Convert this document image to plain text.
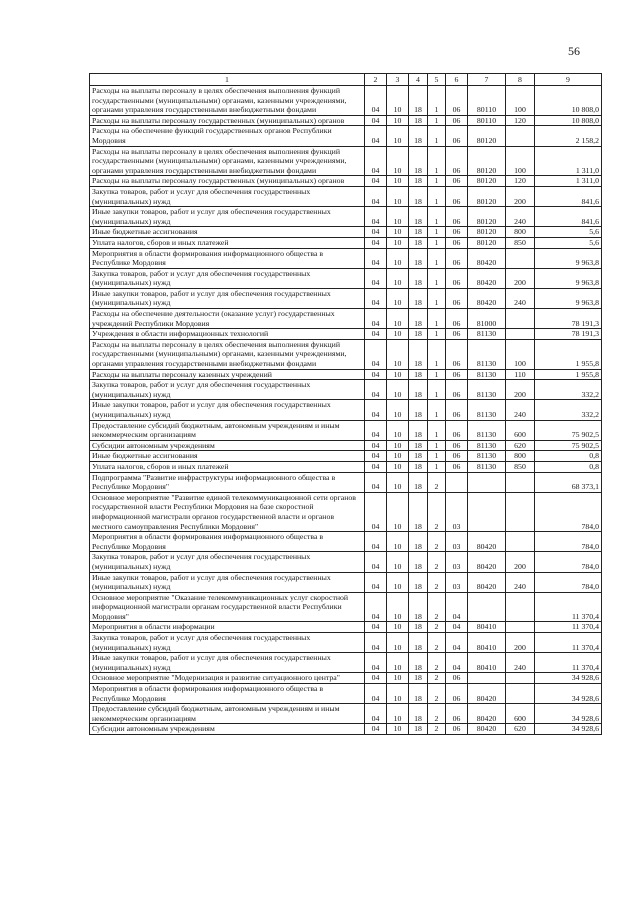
56
1	2	3	4	5	6	7	8	9
Расходы на выплаты персоналу в целях обеспечения выполнения функций государственными (муниципальными) органами, казенными учреждениями, органами управления государственными внебюджетными фондами	04	10	18	1	06	80110	100	10 808,0
Расходы на выплаты персоналу государственных (муниципальных) органов	04	10	18	1	06	80110	120	10 808,0
Расходы на обеспечение функций государственных органов Республики Мордовия	04	10	18	1	06	80120		2 158,2
Расходы на выплаты персоналу в целях обеспечения выполнения функций государственными (муниципальными) органами, казенными учреждениями, органами управления государственными внебюджетными фондами	04	10	18	1	06	80120	100	1 311,0
Расходы на выплаты персоналу государственных (муниципальных) органов	04	10	18	1	06	80120	120	1 311,0
Закупка товаров, работ и услуг для обеспечения государственных (муниципальных) нужд	04	10	18	1	06	80120	200	841,6
Иные закупки товаров, работ и услуг для обеспечения государственных (муниципальных) нужд	04	10	18	1	06	80120	240	841,6
Иные бюджетные ассигнования	04	10	18	1	06	80120	800	5,6
Уплата налогов, сборов и иных платежей	04	10	18	1	06	80120	850	5,6
Мероприятия в области формирования информационного общества в Республике Мордовия	04	10	18	1	06	80420		9 963,8
Закупка товаров, работ и услуг для обеспечения государственных (муниципальных) нужд	04	10	18	1	06	80420	200	9 963,8
Иные закупки товаров, работ и услуг для обеспечения государственных (муниципальных) нужд	04	10	18	1	06	80420	240	9 963,8
Расходы на обеспечение деятельности (оказание услуг) государственных учреждений Республики Мордовия	04	10	18	1	06	81000		78 191,3
Учреждения в области информационных технологий	04	10	18	1	06	81130		78 191,3
Расходы на выплаты персоналу в целях обеспечения выполнения функций государственными (муниципальными) органами, казенными учреждениями, органами управления государственными внебюджетными фондами	04	10	18	1	06	81130	100	1 955,8
Расходы на выплаты персоналу казенных учреждений	04	10	18	1	06	81130	110	1 955,8
Закупка товаров, работ и услуг для обеспечения государственных (муниципальных) нужд	04	10	18	1	06	81130	200	332,2
Иные закупки товаров, работ и услуг для обеспечения государственных (муниципальных) нужд	04	10	18	1	06	81130	240	332,2
Предоставление субсидий бюджетным, автономным учреждениям и иным некоммерческим организациям	04	10	18	1	06	81130	600	75 902,5
Субсидии автономным учреждениям	04	10	18	1	06	81130	620	75 902,5
Иные бюджетные ассигнования	04	10	18	1	06	81130	800	0,8
Уплата налогов, сборов и иных платежей	04	10	18	1	06	81130	850	0,8
Подпрограмма "Развитие инфраструктуры информационного общества в Республике Мордовия"	04	10	18	2				68 373,1
Основное мероприятие "Развитие единой телекоммуникационной сети органов государственной власти Республики Мордовия на базе скоростной информационной магистрали органов государственной власти и органов местного самоуправления Республики Мордовия"	04	10	18	2	03			784,0
Мероприятия в области формирования информационного общества в Республике Мордовия	04	10	18	2	03	80420		784,0
Закупка товаров, работ и услуг для обеспечения государственных (муниципальных) нужд	04	10	18	2	03	80420	200	784,0
Иные закупки товаров, работ и услуг для обеспечения государственных (муниципальных) нужд	04	10	18	2	03	80420	240	784,0
Основное мероприятие "Оказание телекоммуникационных услуг скоростной информационной магистрали органам государственной власти Республики Мордовия"	04	10	18	2	04			11 370,4
Мероприятия в области информации	04	10	18	2	04	80410		11 370,4
Закупка товаров, работ и услуг для обеспечения государственных (муниципальных) нужд	04	10	18	2	04	80410	200	11 370,4
Иные закупки товаров, работ и услуг для обеспечения государственных (муниципальных) нужд	04	10	18	2	04	80410	240	11 370,4
Основное мероприятие "Модернизация и развитие ситуационного центра"	04	10	18	2	06			34 928,6
Мероприятия в области формирования информационного общества в Республике Мордовия	04	10	18	2	06	80420		34 928,6
Предоставление субсидий бюджетным, автономным учреждениям и иным некоммерческим организациям	04	10	18	2	06	80420	600	34 928,6
Субсидии автономным учреждениям	04	10	18	2	06	80420	620	34 928,6
